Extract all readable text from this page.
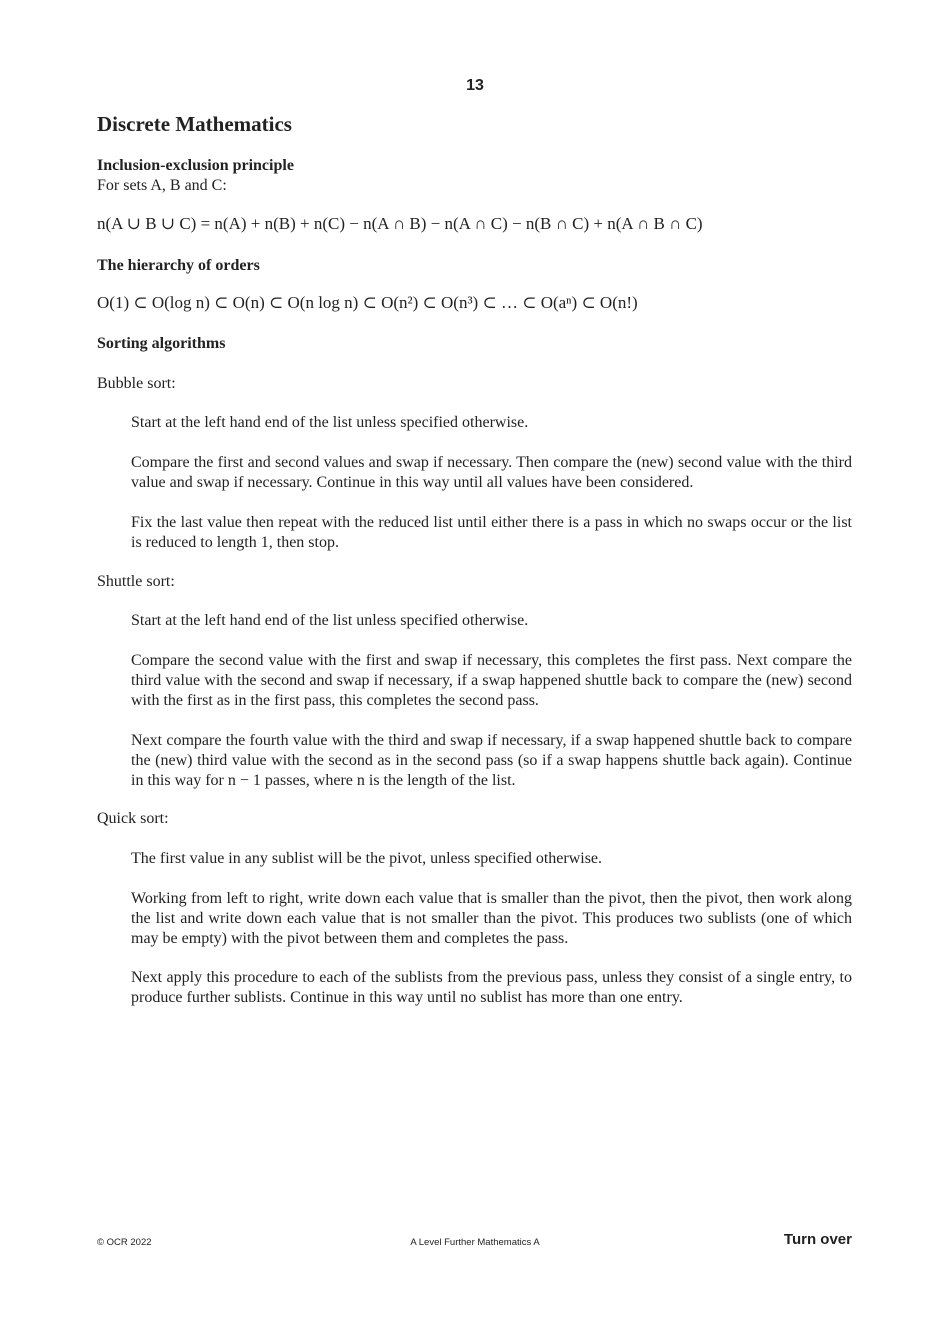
13
Discrete Mathematics
Inclusion-exclusion principle
For sets A, B and C:
n(A ∪ B ∪ C) = n(A) + n(B) + n(C) − n(A ∩ B) − n(A ∩ C) − n(B ∩ C) + n(A ∩ B ∩ C)
The hierarchy of orders
O(1) ⊂ O(log n) ⊂ O(n) ⊂ O(n log n) ⊂ O(n²) ⊂ O(n³) ⊂ … ⊂ O(aⁿ) ⊂ O(n!)
Sorting algorithms
Bubble sort:
Start at the left hand end of the list unless specified otherwise.
Compare the first and second values and swap if necessary. Then compare the (new) second value with the third value and swap if necessary. Continue in this way until all values have been considered.
Fix the last value then repeat with the reduced list until either there is a pass in which no swaps occur or the list is reduced to length 1, then stop.
Shuttle sort:
Start at the left hand end of the list unless specified otherwise.
Compare the second value with the first and swap if necessary, this completes the first pass. Next compare the third value with the second and swap if necessary, if a swap happened shuttle back to compare the (new) second with the first as in the first pass, this completes the second pass.
Next compare the fourth value with the third and swap if necessary, if a swap happened shuttle back to compare the (new) third value with the second as in the second pass (so if a swap happens shuttle back again). Continue in this way for n − 1 passes, where n is the length of the list.
Quick sort:
The first value in any sublist will be the pivot, unless specified otherwise.
Working from left to right, write down each value that is smaller than the pivot, then the pivot, then work along the list and write down each value that is not smaller than the pivot. This produces two sublists (one of which may be empty) with the pivot between them and completes the pass.
Next apply this procedure to each of the sublists from the previous pass, unless they consist of a single entry, to produce further sublists. Continue in this way until no sublist has more than one entry.
© OCR 2022	A Level Further Mathematics A	Turn over
